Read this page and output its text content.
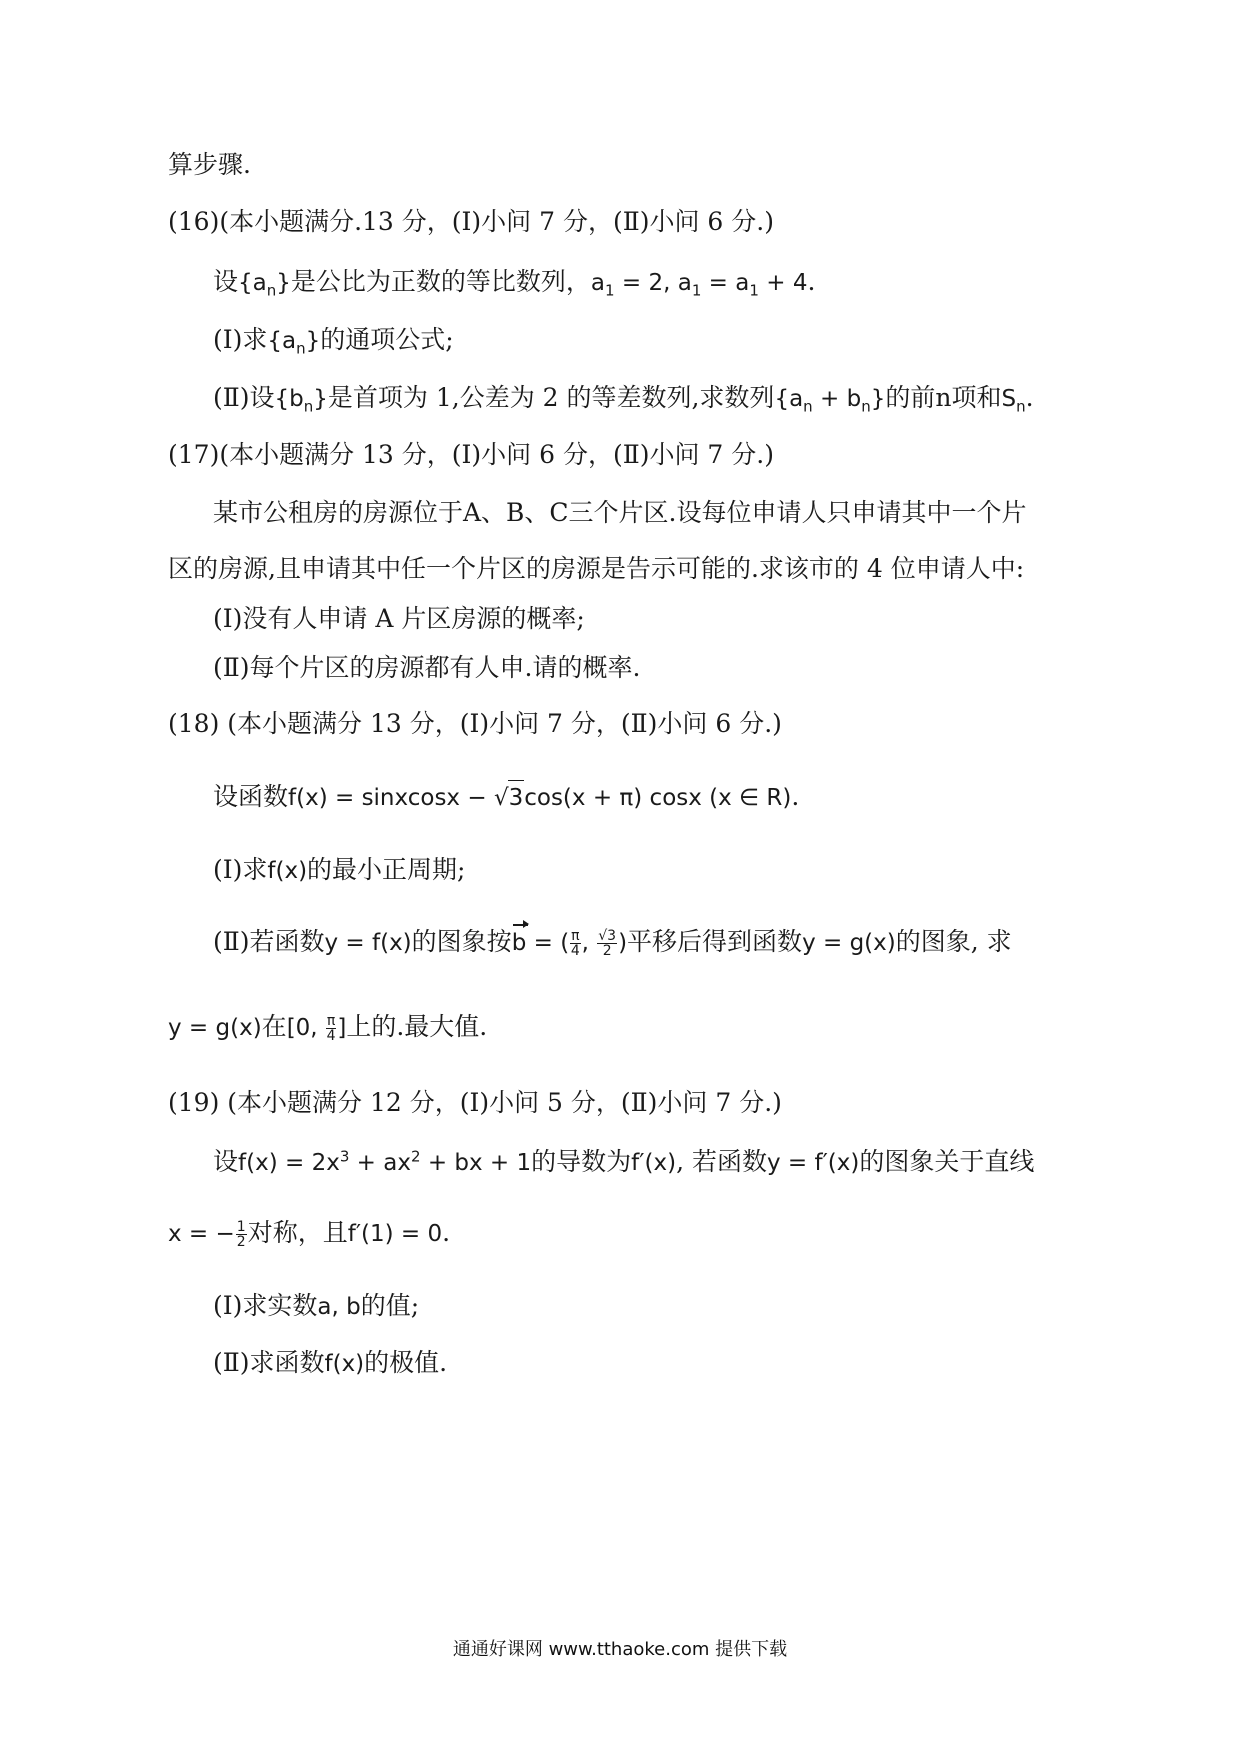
算步骤.
(16)(本小题满分.13 分，(Ⅰ)小问 7 分，(Ⅱ)小问 6 分.)
设$\{a_n\}$是公比为正数的等比数列，$a_1 = 2$, $a_1 = a_1 + 4$.
(Ⅰ)求$\{a_n\}$的通项公式;
(Ⅱ)设$\{b_n\}$是首项为 1,公差为 2 的等差数列,求数列$\{a_n + b_n\}$的前n项和$S_n$.
(17)(本小题满分 13 分，(Ⅰ)小问 6 分，(Ⅱ)小问 7 分.)
某市公租房的房源位于A、B、C三个片区.设每位申请人只申请其中一个片
区的房源,且申请其中任一个片区的房源是告示可能的.求该市的 4 位申请人中:
(Ⅰ)没有人申请 A 片区房源的概率;
(Ⅱ)每个片区的房源都有人申.请的概率.
(18) (本小题满分 13 分，(Ⅰ)小问 7 分，(Ⅱ)小问 6 分.)
设函数f(x) = sinxcosx − √3cos(x + π) cosx (x ∈ R).
(Ⅰ)求f(x)的最小正周期;
(Ⅱ)若函数y = f(x)的图象按b = ( $\frac{\pi}{4}$ , $\frac{√3}{2}$ )平移后得到函数y = g(x)的图象, 求
y = g(x)在[0, $\frac{\pi}{4}$ ]上的.最大值.
(19) (本小题满分 12 分，(Ⅰ)小问 5 分，(Ⅱ)小问 7 分.)
设$f(x) = 2x^3 + ax^2$ + bx + 1的导数为f′(x), 若函数y = f′(x)的图象关于直线
x = − $\frac{1}{2}$ 对称，且f′(1) = 0.
(Ⅰ)求实数a, b的值;
(Ⅱ)求函数f(x)的极值.
通通好课网 www.tthaoke.com 提供下载
